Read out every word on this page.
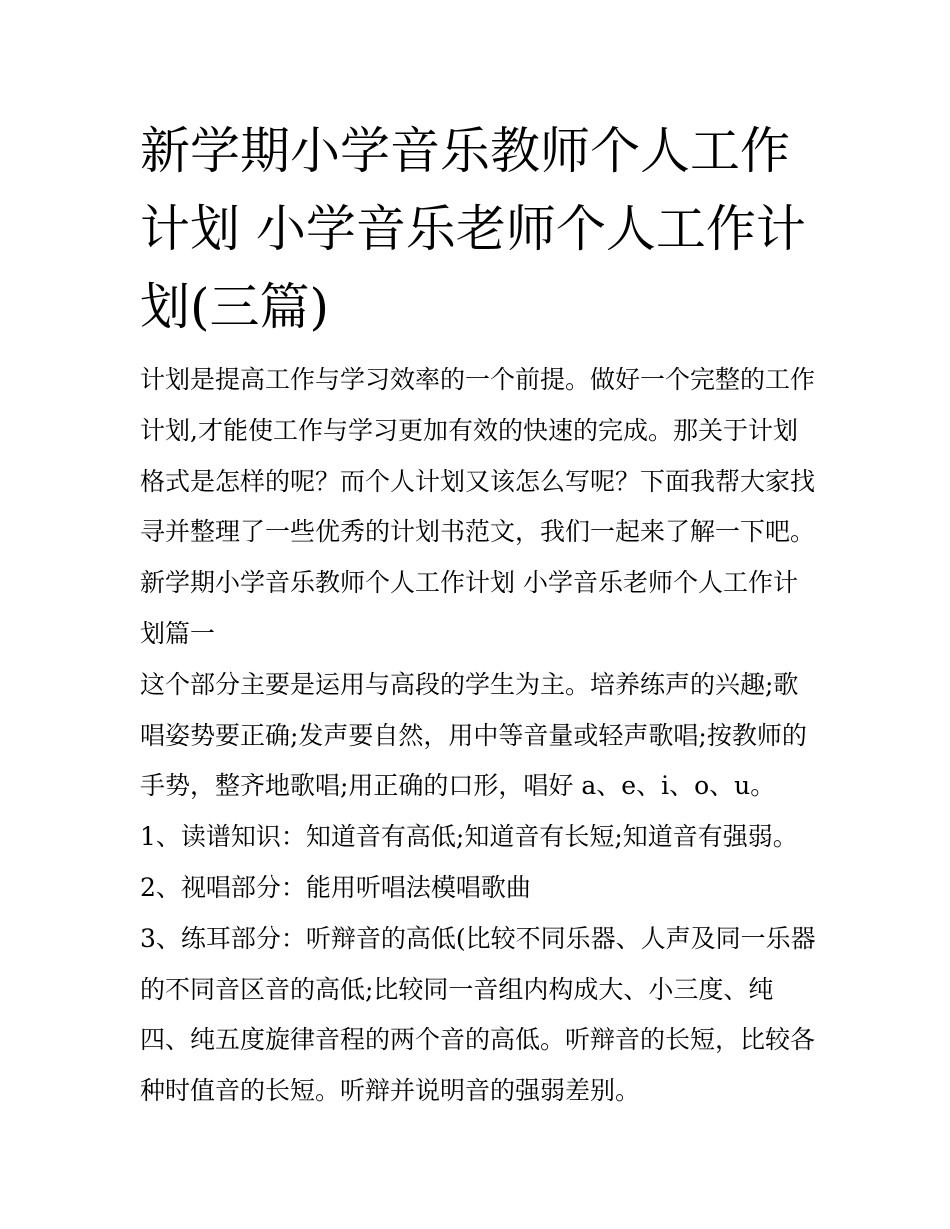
新学期小学音乐教师个人工作
计划 小学音乐老师个人工作计
划(三篇)
计划是提高工作与学习效率的一个前提。做好一个完整的工作
计划,才能使工作与学习更加有效的快速的完成。那关于计划
格式是怎样的呢？而个人计划又该怎么写呢？下面我帮大家找
寻并整理了一些优秀的计划书范文，我们一起来了解一下吧。
新学期小学音乐教师个人工作计划 小学音乐老师个人工作计
划篇一
这个部分主要是运用与高段的学生为主。培养练声的兴趣;歌
唱姿势要正确;发声要自然，用中等音量或轻声歌唱;按教师的
手势，整齐地歌唱;用正确的口形，唱好 a、e、i、o、u。
1、读谱知识：知道音有高低;知道音有长短;知道音有强弱。
2、视唱部分：能用听唱法模唱歌曲
3、练耳部分：听辩音的高低(比较不同乐器、人声及同一乐器
的不同音区音的高低;比较同一音组内构成大、小三度、纯
四、纯五度旋律音程的两个音的高低。听辩音的长短，比较各
种时值音的长短。听辩并说明音的强弱差别。
